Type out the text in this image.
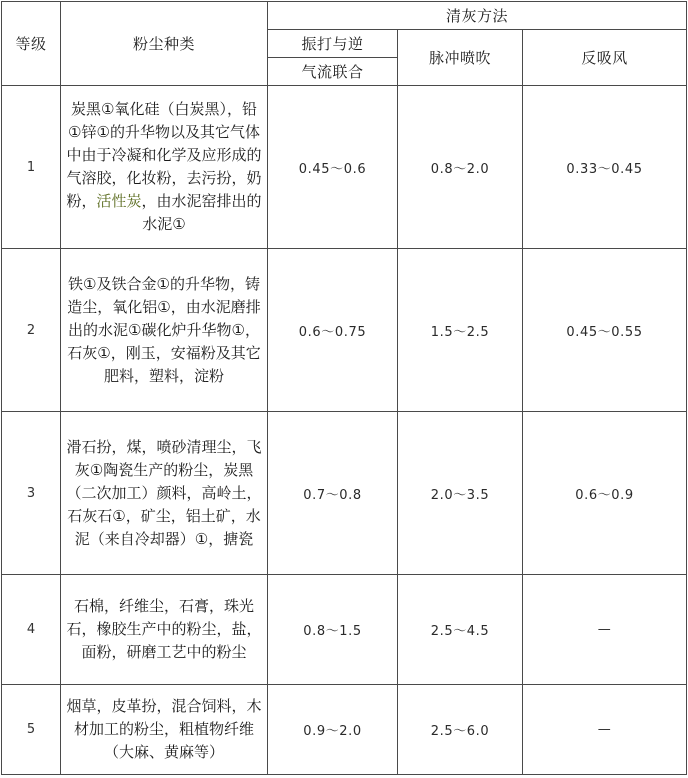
等级	粉尘种类	清灰方法		
		振打与逆	脉冲喷吹	反吸风
		气流联合		
1	炭黑①氧化硅（白炭黑），铅①锌①的升华物以及其它气体中由于冷凝和化学及应形成的气溶胶，化妆粉，去污扮，奶粉，活性炭，由水泥窑排出的水泥①	0.45～0.6	0.8～2.0	0.33～0.45
2	铁①及铁合金①的升华物，铸造尘，氧化铝①，由水泥磨排出的水泥①碳化炉升华物①，石灰①，刚玉，安福粉及其它肥料，塑料，淀粉	0.6～0.75	1.5～2.5	0.45～0.55
3	滑石扮，煤，喷砂清理尘，飞灰①陶瓷生产的粉尘，炭黑（二次加工）颜料，高岭土，石灰石①，矿尘，铝土矿，水泥（来自冷却器）①，搪瓷	0.7～0.8	2.0～3.5	0.6～0.9
4	石棉，纤维尘，石膏，珠光石，橡胶生产中的粉尘，盐，面粉，研磨工艺中的粉尘	0.8～1.5	2.5～4.5	—
5	烟草，皮革扮，混合饲料，木材加工的粉尘，粗植物纤维（大麻、黄麻等）	0.9～2.0	2.5～6.0	—
